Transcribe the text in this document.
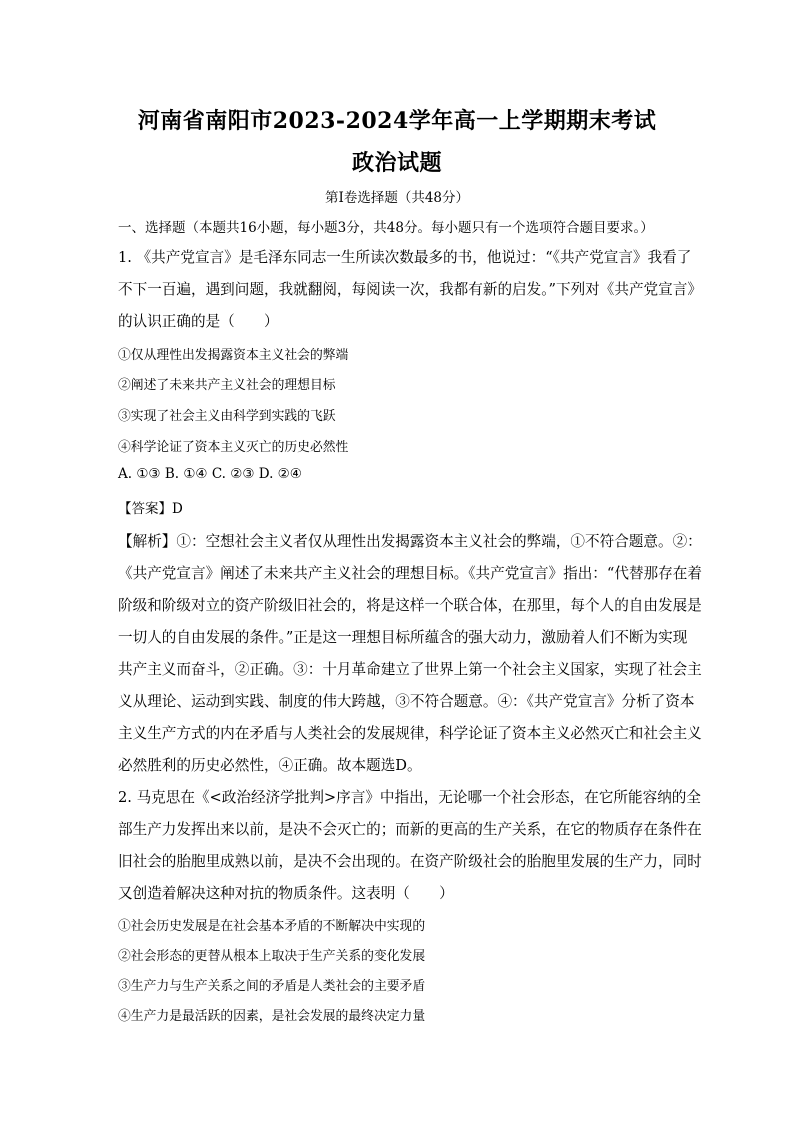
河南省南阳市2023-2024学年高一上学期期末考试
政治试题
第I卷选择题（共48分）
一、选择题（本题共16小题，每小题3分，共48分。每小题只有一个选项符合题目要求。）
1. 《共产党宣言》是毛泽东同志一生所读次数最多的书，他说过：“《共产党宣言》我看了
不下一百遍，遇到问题，我就翻阅，每阅读一次，我都有新的启发。”下列对《共产党宣言》
的认识正确的是（　　）
①仅从理性出发揭露资本主义社会的弊端
②阐述了未来共产主义社会的理想目标
③实现了社会主义由科学到实践的飞跃
④科学论证了资本主义灭亡的历史必然性
A. ①③ B. ①④ C. ②③ D. ②④
【答案】D
【解析】①：空想社会主义者仅从理性出发揭露资本主义社会的弊端，①不符合题意。②：
《共产党宣言》阐述了未来共产主义社会的理想目标。《共产党宣言》指出：“代替那存在着
阶级和阶级对立的资产阶级旧社会的，将是这样一个联合体，在那里，每个人的自由发展是
一切人的自由发展的条件。”正是这一理想目标所蕴含的强大动力，激励着人们不断为实现
共产主义而奋斗，②正确。③：十月革命建立了世界上第一个社会主义国家，实现了社会主
义从理论、运动到实践、制度的伟大跨越，③不符合题意。④：《共产党宣言》分析了资本
主义生产方式的内在矛盾与人类社会的发展规律，科学论证了资本主义必然灭亡和社会主义
必然胜利的历史必然性，④正确。故本题选D。
2. 马克思在《<政治经济学批判>序言》中指出，无论哪一个社会形态，在它所能容纳的全
部生产力发挥出来以前，是决不会灭亡的；而新的更高的生产关系，在它的物质存在条件在
旧社会的胎胞里成熟以前，是决不会出现的。在资产阶级社会的胎胞里发展的生产力，同时
又创造着解决这种对抗的物质条件。这表明（　　）
①社会历史发展是在社会基本矛盾的不断解决中实现的
②社会形态的更替从根本上取决于生产关系的变化发展
③生产力与生产关系之间的矛盾是人类社会的主要矛盾
④生产力是最活跃的因素，是社会发展的最终决定力量
